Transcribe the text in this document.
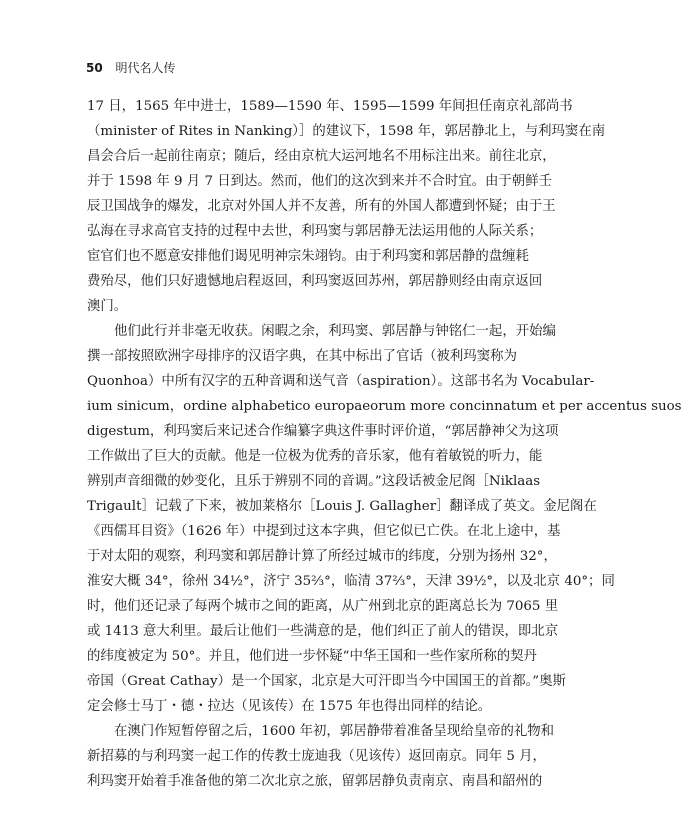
50 明代名人传
17 日，1565 年中进士，1589—1590 年、1595—1599 年间担任南京礼部尚书
（minister of Rites in Nanking）］的建议下，1598 年，郭居静北上，与利玛窦在南
昌会合后一起前往南京；随后，经由京杭大运河地名不用标注出来。前往北京，
并于 1598 年 9 月 7 日到达。然而，他们的这次到来并不合时宜。由于朝鲜壬
辰卫国战争的爆发，北京对外国人并不友善，所有的外国人都遭到怀疑；由于王
弘海在寻求高官支持的过程中去世，利玛窦与郭居静无法运用他的人际关系；
宦官们也不愿意安排他们谒见明神宗朱翊钧。由于利玛窦和郭居静的盘缠耗
费殆尽，他们只好遗憾地启程返回，利玛窦返回苏州，郭居静则经由南京返回
澳门。
他们此行并非毫无收获。闲暇之余，利玛窦、郭居静与钟铭仁一起，开始编
撰一部按照欧洲字母排序的汉语字典，在其中标出了官话（被利玛窦称为
Quonhoa）中所有汉字的五种音调和送气音（aspiration）。这部书名为 Vocabular-
ium sinicum，ordine alphabetico europaeorum more concinnatum et per accentus suos
digestum，利玛窦后来记述合作编纂字典这件事时评价道，“郭居静神父为这项
工作做出了巨大的贡献。他是一位极为优秀的音乐家，他有着敏锐的听力，能
辨别声音细微的妙变化，且乐于辨别不同的音调。”这段话被金尼阁［Niklaas
Trigault］记载了下来，被加莱格尔［Louis J. Gallagher］翻译成了英文。金尼阁在
《西儒耳目资》（1626 年）中提到过这本字典，但它似已亡佚。在北上途中，基
于对太阳的观察，利玛窦和郭居静计算了所经过城市的纬度，分别为扬州 32°，
淮安大概 34°，徐州 34½°，济宁 35⅔°，临清 37⅔°，天津 39½°，以及北京 40°；同
时，他们还记录了每两个城市之间的距离，从广州到北京的距离总长为 7065 里
或 1413 意大利里。最后让他们一些满意的是，他们纠正了前人的错误，即北京
的纬度被定为 50°。并且，他们进一步怀疑“中华王国和一些作家所称的契丹
帝国（Great Cathay）是一个国家，北京是大可汗即当今中国国王的首都。”奥斯
定会修士马丁・德・拉达（见该传）在 1575 年也得出同样的结论。
在澳门作短暂停留之后，1600 年初，郭居静带着准备呈现给皇帝的礼物和
新招募的与利玛窦一起工作的传教士庞迪我（见该传）返回南京。同年 5 月，
利玛窦开始着手准备他的第二次北京之旅，留郭居静负责南京、南昌和韶州的
